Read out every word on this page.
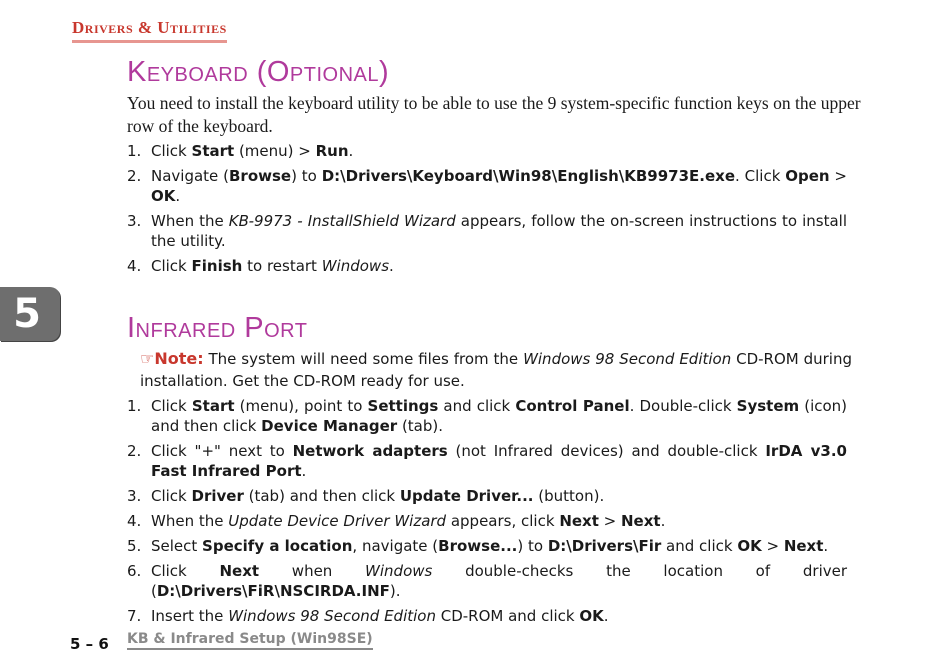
Drivers & Utilities
Keyboard (Optional)
You need to install the keyboard utility to be able to use the 9 system-specific function keys on the upper row of the keyboard.
1. Click Start (menu) > Run.
2. Navigate (Browse) to D:\Drivers\Keyboard\Win98\English\KB9973E.exe. Click Open > OK.
3. When the KB-9973 - InstallShield Wizard appears, follow the on-screen instructions to install the utility.
4. Click Finish to restart Windows.
5	Infrared Port
☞Note: The system will need some files from the Windows 98 Second Edition CD-ROM during installation. Get the CD-ROM ready for use.
1. Click Start (menu), point to Settings and click Control Panel. Double-click System (icon) and then click Device Manager (tab).
2. Click "+" next to Network adapters (not Infrared devices) and double-click IrDA v3.0 Fast Infrared Port.
3. Click Driver (tab) and then click Update Driver... (button).
4. When the Update Device Driver Wizard appears, click Next > Next.
5. Select Specify a location, navigate (Browse...) to D:\Drivers\Fir and click OK > Next.
6. Click Next when Windows double-checks the location of driver (D:\Drivers\FiR\NSCIRDA.INF).
7. Insert the Windows 98 Second Edition CD-ROM and click OK.
5 – 6 KB & Infrared Setup (Win98SE)
